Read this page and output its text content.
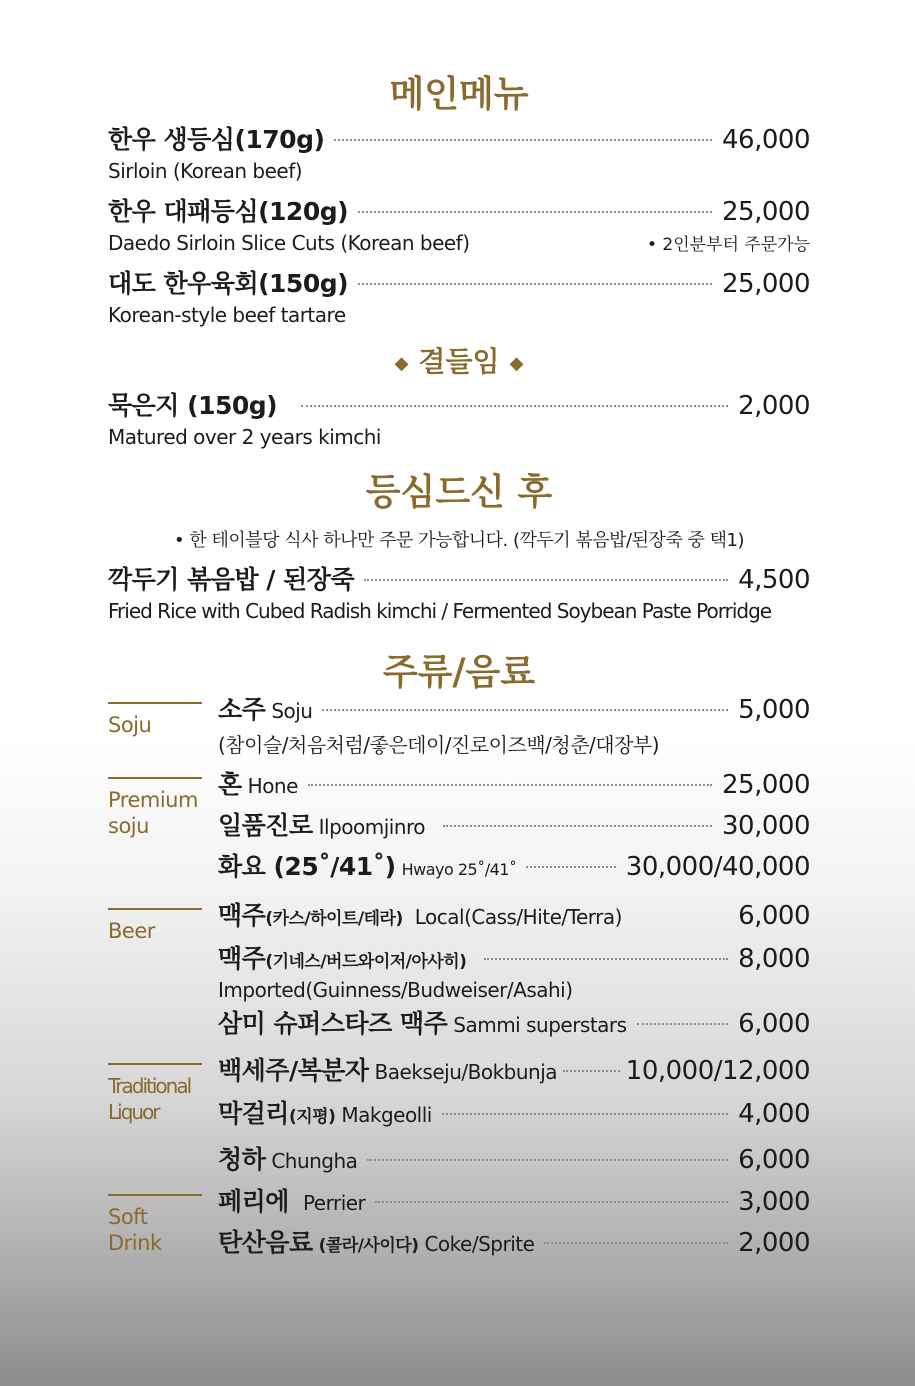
메인메뉴
한우 생등심(170g)	46,000
Sirloin (Korean beef)
한우 대패등심(120g)	25,000
Daedo Sirloin Slice Cuts (Korean beef)	• 2인분부터 주문가능
대도 한우육회(150g)	25,000
Korean-style beef tartare
◆ 결들임 ◆
묵은지 (150g)	2,000
Matured over 2 years kimchi
등심드신 후
• 한 테이블당 식사 하나만 주문 가능합니다. (깍두기 볶음밥/된장죽 중 택1)
깍두기 볶음밥 / 된장죽	4,500
Fried Rice with Cubed Radish kimchi / Fermented Soybean Paste Porridge
주류/음료
Soju
소주 Soju	5,000
(참이슬/처음처럼/좋은데이/진로이즈백/청춘/대장부)
Premium
soju
혼 Hone	25,000
일품진로 Ilpoomjinro	30,000
화요 (25˚/41˚) Hwayo 25˚/41˚	30,000/40,000
Beer
맥주 (카스/하이트/테라) Local(Cass/Hite/Terra)	6,000
맥주 (기네스/버드와이저/아사히)	8,000
Imported(Guinness/Budweiser/Asahi)
삼미 슈퍼스타즈 맥주 Sammi superstars	6,000
Traditional
Liquor
백세주/복분자 Baekseju/Bokbunja	10,000/12,000
막걸리 (지평) Makgeolli	4,000
청하 Chungha	6,000
Soft
Drink
페리에 Perrier	3,000
탄산음료 (콜라/사이다) Coke/Sprite	2,000
